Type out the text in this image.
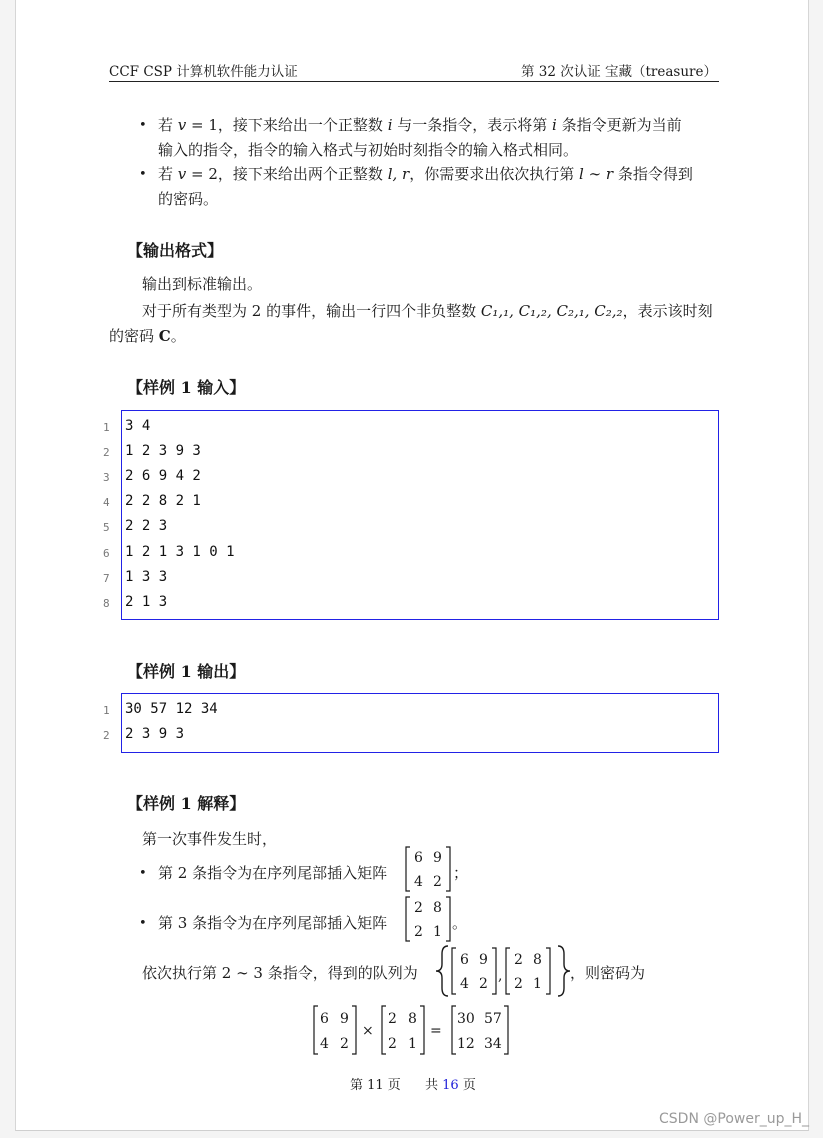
CCF CSP 计算机软件能力认证	第 32 次认证 宝藏（treasure）
• 若 v = 1，接下来给出一个正整数 i 与一条指令，表示将第 i 条指令更新为当前
输入的指令，指令的输入格式与初始时刻指令的输入格式相同。
• 若 v = 2，接下来给出两个正整数 l, r，你需要求出依次执行第 l ∼ r 条指令得到
的密码。
【输出格式】
输出到标准输出。
对于所有类型为 2 的事件，输出一行四个非负整数 C₁,₁, C₁,₂, C₂,₁, C₂,₂，表示该时刻
的密码 C。
【样例 1 输入】
1 3 4
2 1 2 3 9 3
3 2 6 9 4 2
4 2 2 8 2 1
5 2 2 3
6 1 2 1 3 1 0 1
7 1 3 3
8 2 1 3
【样例 1 输出】
1 30 57 12 34
2 2 3 9 3
【样例 1 解释】
第一次事件发生时，
• 第 2 条指令为在序列尾部插入矩阵
6 9
4 2 ；
• 第 3 条指令为在序列尾部插入矩阵
2 8
2 1 。
依次执行第 2 ∼ 3 条指令，得到的队列为
6 9
4 2 ,
2 8
2 1
，则密码为
6 9
4 2
×
2 8
2 1
=
30 57
12 34
第 11 页 共 16 页
CSDN @Power_up_H_
